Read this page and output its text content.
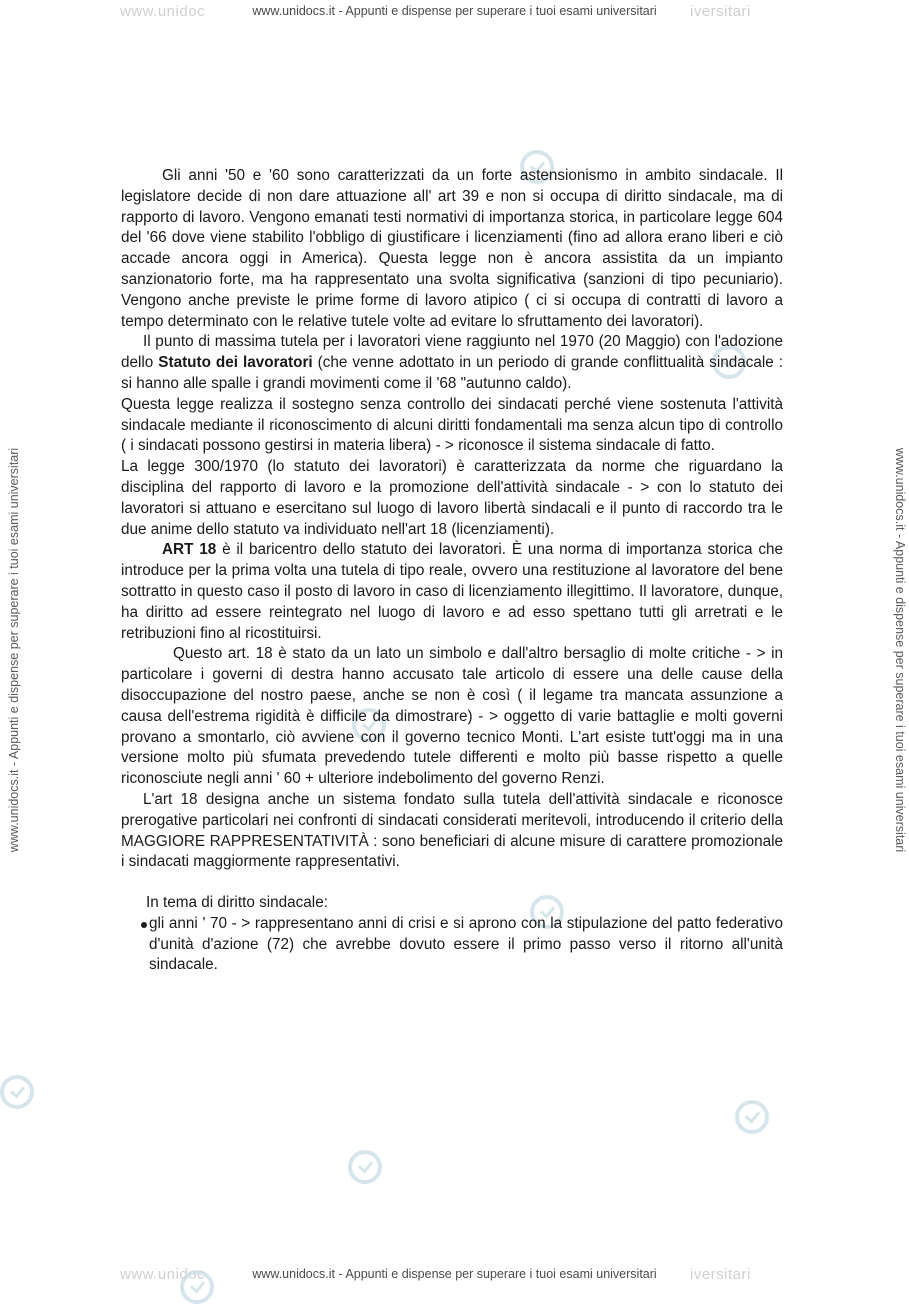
www.unidoc	iversitari
www.unidocs.it - Appunti e dispense per superare i tuoi esami universitari
www.unidoc	iversitari
www.unidocs.it - Appunti e dispense per superare i tuoi esami universitari
www.unidocs.it - Appunti e dispense per superare i tuoi esami universitari	www.unidocs.it - Appunti e dispense per superare i tuoi esami universitari

Gli anni '50 e '60 sono caratterizzati da un forte astensionismo in ambito sindacale. Il legislatore decide di non dare attuazione all' art 39 e non si occupa di diritto sindacale, ma di rapporto di lavoro. Vengono emanati testi normativi di importanza storica, in particolare legge 604 del '66 dove viene stabilito l'obbligo di giustificare i licenziamenti (fino ad allora erano liberi e ciò accade ancora oggi in America). Questa legge non è ancora assistita da un impianto sanzionatorio forte, ma ha rappresentato una svolta significativa (sanzioni di tipo pecuniario). Vengono anche previste le prime forme di lavoro atipico ( ci si occupa di contratti di lavoro a tempo determinato con le relative tutele volte ad evitare lo sfruttamento dei lavoratori).

Il punto di massima tutela per i lavoratori viene raggiunto nel 1970 (20 Maggio) con l'adozione dello Statuto dei lavoratori (che venne adottato in un periodo di grande conflittualità sindacale : si hanno alle spalle i grandi movimenti come il '68 "autunno caldo).

Questa legge realizza il sostegno senza controllo dei sindacati perché viene sostenuta l'attività sindacale mediante il riconoscimento di alcuni diritti fondamentali ma senza alcun tipo di controllo ( i sindacati possono gestirsi in materia libera) - > riconosce il sistema sindacale di fatto.

La legge 300/1970 (lo statuto dei lavoratori) è caratterizzata da norme che riguardano la disciplina del rapporto di lavoro e la promozione dell'attività sindacale - > con lo statuto dei lavoratori si attuano e esercitano sul luogo di lavoro libertà sindacali e il punto di raccordo tra le due anime dello statuto va individuato nell'art 18 (licenziamenti).

ART 18 è il baricentro dello statuto dei lavoratori. È una norma di importanza storica che introduce per la prima volta una tutela di tipo reale, ovvero una restituzione al lavoratore del bene sottratto in questo caso il posto di lavoro in caso di licenziamento illegittimo. Il lavoratore, dunque, ha diritto ad essere reintegrato nel luogo di lavoro e ad esso spettano tutti gli arretrati e le retribuzioni fino al ricostituirsi.

Questo art. 18 è stato da un lato un simbolo e dall'altro bersaglio di molte critiche - > in particolare i governi di destra hanno accusato tale articolo di essere una delle cause della disoccupazione del nostro paese, anche se non è così ( il legame tra mancata assunzione a causa dell'estrema rigidità è difficile da dimostrare) - > oggetto di varie battaglie e molti governi provano a smontarlo, ciò avviene con il governo tecnico Monti. L'art esiste tutt'oggi ma in una versione molto più sfumata prevedendo tutele differenti e molto più basse rispetto a quelle riconosciute negli anni ' 60 + ulteriore indebolimento del governo Renzi.

L'art 18 designa anche un sistema fondato sulla tutela dell'attività sindacale e riconosce prerogative particolari nei confronti di sindacati considerati meritevoli, introducendo il criterio della MAGGIORE RAPPRESENTATIVITÀ : sono beneficiari di alcune misure di carattere promozionale i sindacati maggiormente rappresentativi.

In tema di diritto sindacale:

gli anni ' 70 - > rappresentano anni di crisi e si aprono con la stipulazione del patto federativo d'unità d'azione (72) che avrebbe dovuto essere il primo passo verso il ritorno all'unità sindacale.
